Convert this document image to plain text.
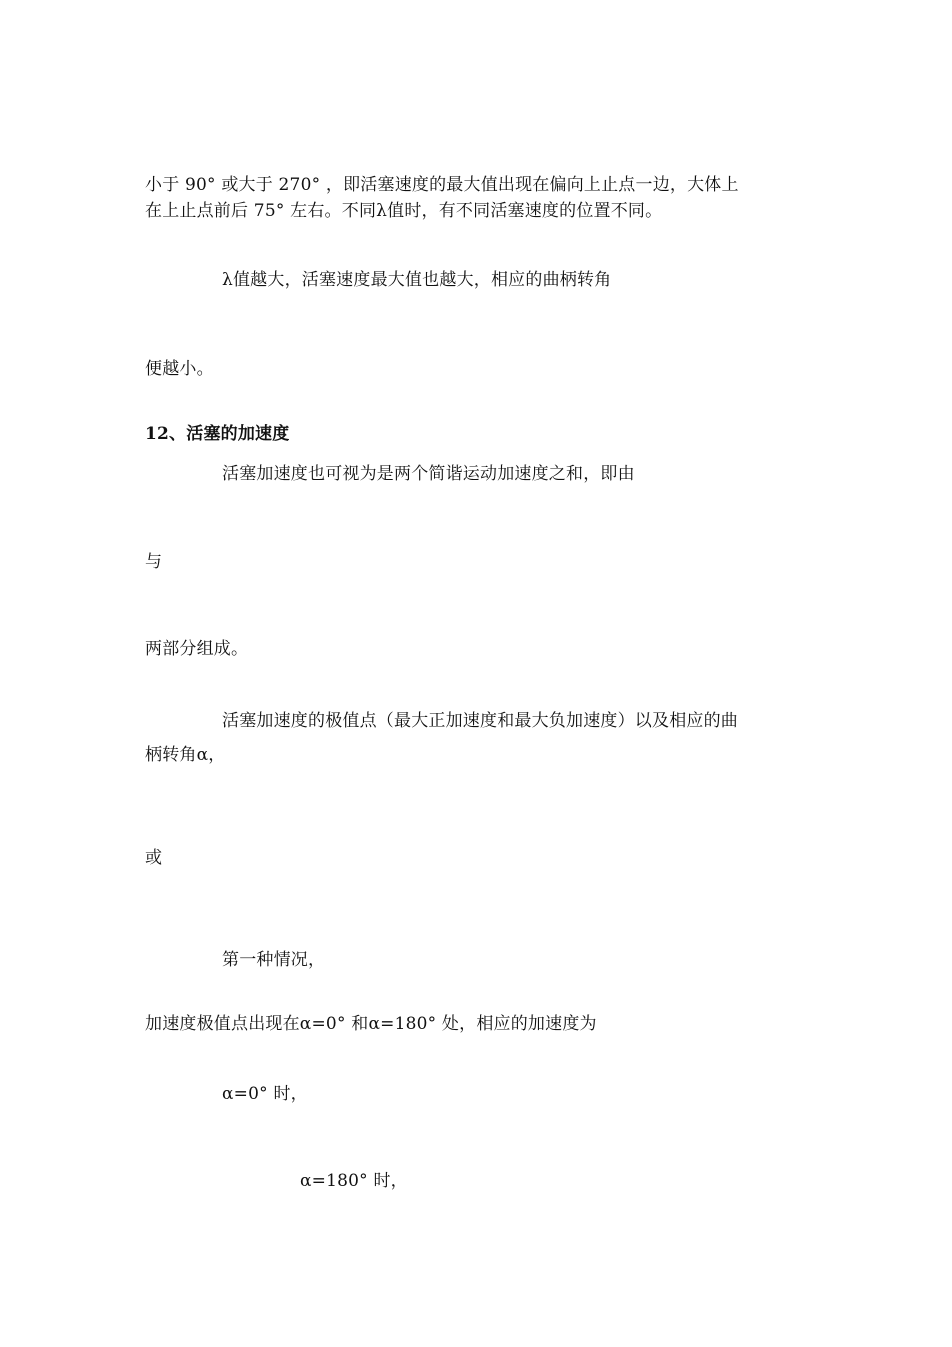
小于 90° 或大于 270° ，即活塞速度的最大值出现在偏向上止点一边，大体上
在上止点前后 75° 左右。不同λ值时，有不同活塞速度的位置不同。
λ值越大，活塞速度最大值也越大，相应的曲柄转角
便越小。
12、活塞的加速度
活塞加速度也可视为是两个简谐运动加速度之和，即由
与
两部分组成。
活塞加速度的极值点（最大正加速度和最大负加速度）以及相应的曲
柄转角α，
或
第一种情况，
加速度极值点出现在α=0° 和α=180° 处，相应的加速度为
α=0° 时，
α=180° 时，
